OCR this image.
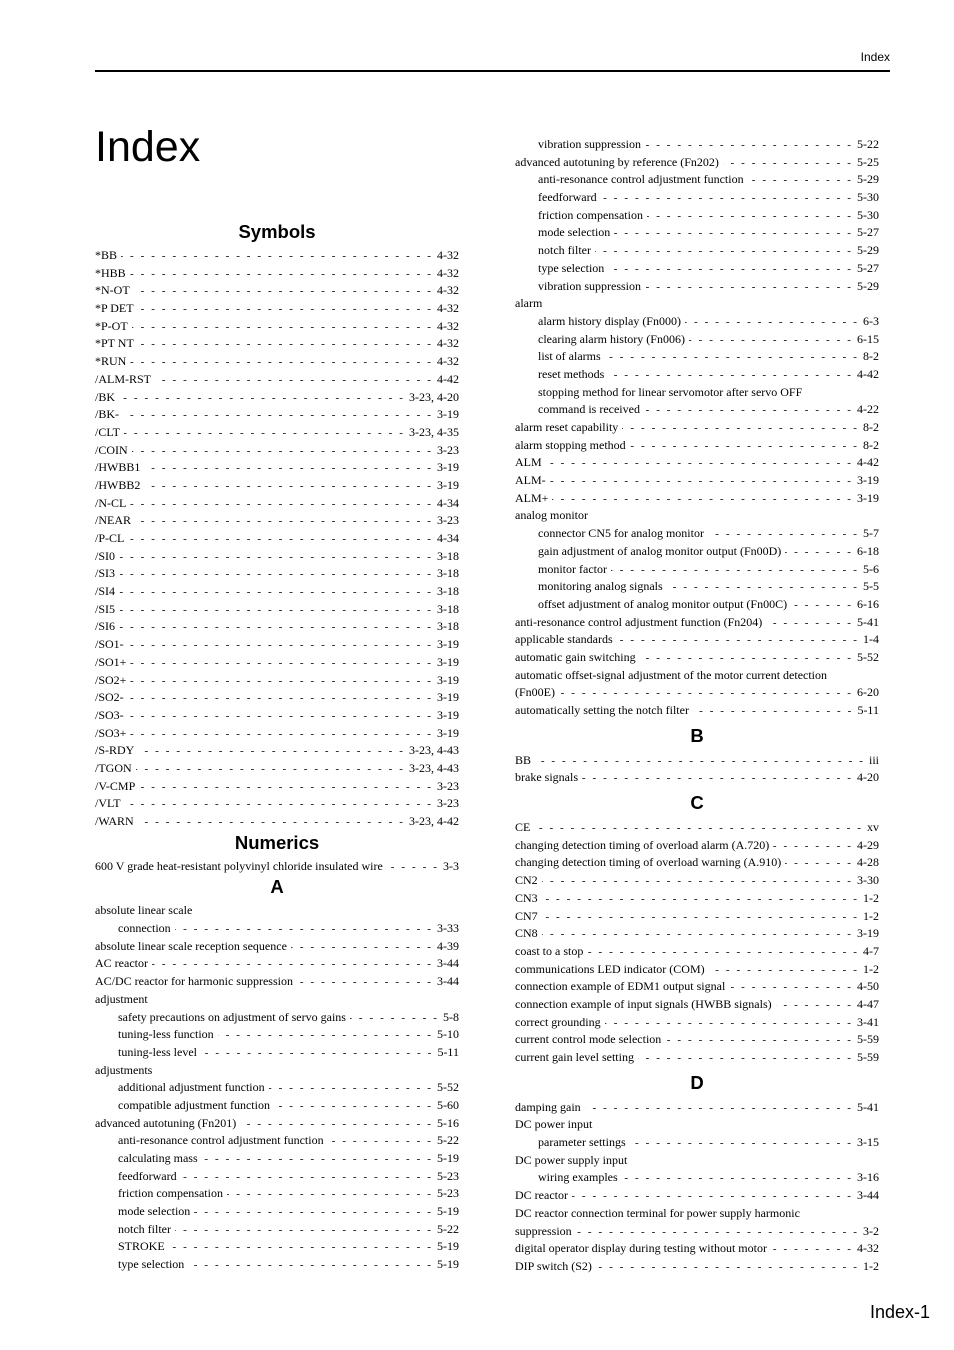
Index
Index
Symbols
*BB - - -	4-32
*HBB - - -	4-32
*N-OT - - -	4-32
*P DET - - -	4-32
*P-OT - - -	4-32
*PT NT - - -	4-32
*RUN - - -	4-32
/ALM-RST - - -	4-42
/BK - - -	3-23, 4-20
/BK- - - -	3-19
/CLT - - -	3-23, 4-35
/COIN - - -	3-23
/HWBB1 - - -	3-19
/HWBB2 - - -	3-19
/N-CL - - -	4-34
/NEAR - - -	3-23
/P-CL - - -	4-34
/SI0 - - -	3-18
/SI3 - - -	3-18
/SI4 - - -	3-18
/SI5 - - -	3-18
/SI6 - - -	3-18
/SO1- - - -	3-19
/SO1+ - - -	3-19
/SO2+ - - -	3-19
/SO2- - - -	3-19
/SO3- - - -	3-19
/SO3+ - - -	3-19
/S-RDY - - -	3-23, 4-43
/TGON - - -	3-23, 4-43
/V-CMP - - -	3-23
/VLT - - -	3-23
/WARN - - -	3-23, 4-42
Numerics
600 V grade heat-resistant polyvinyl chloride insulated wire - - -	3-3
A
absolute linear scale
connection - - -	3-33
absolute linear scale reception sequence - - -	4-39
AC reactor - - -	3-44
AC/DC reactor for harmonic suppression - - -	3-44
adjustment
safety precautions on adjustment of servo gains - - -	5-8
tuning-less function - - -	5-10
tuning-less level - - -	5-11
adjustments
additional adjustment function - - -	5-52
compatible adjustment function - - -	5-60
advanced autotuning (Fn201) - - -	5-16
anti-resonance control adjustment function - - -	5-22
calculating mass - - -	5-19
feedforward - - -	5-23
friction compensation - - -	5-23
mode selection - - -	5-19
notch filter - - -	5-22
STROKE - - -	5-19
type selection - - -	5-19
vibration suppression - - -	5-22
advanced autotuning by reference (Fn202) - - -	5-25
anti-resonance control adjustment function - - -	5-29
feedforward - - -	5-30
friction compensation - - -	5-30
mode selection - - -	5-27
notch filter - - -	5-29
type selection - - -	5-27
vibration suppression - - -	5-29
alarm
alarm history display (Fn000) - - -	6-3
clearing alarm history (Fn006) - - -	6-15
list of alarms - - -	8-2
reset methods - - -	4-42
stopping method for linear servomotor after servo OFF
command is received - - -	4-22
alarm reset capability - - -	8-2
alarm stopping method - - -	8-2
ALM - - -	4-42
ALM- - - -	3-19
ALM+ - - -	3-19
analog monitor
connector CN5 for analog monitor - - -	5-7
gain adjustment of analog monitor output (Fn00D) - - -	6-18
monitor factor - - -	5-6
monitoring analog signals - - -	5-5
offset adjustment of analog monitor output (Fn00C) - - -	6-16
anti-resonance control adjustment function (Fn204) - - -	5-41
applicable standards - - -	1-4
automatic gain switching - - -	5-52
automatic offset-signal adjustment of the motor current detection
(Fn00E) - - -	6-20
automatically setting the notch filter - - -	5-11
B
BB - - -	iii
brake signals - - -	4-20
C
CE - - -	xv
changing detection timing of overload alarm (A.720) - - -	4-29
changing detection timing of overload warning (A.910) - - -	4-28
CN2 - - -	3-30
CN3 - - -	1-2
CN7 - - -	1-2
CN8 - - -	3-19
coast to a stop - - -	4-7
communications LED indicator (COM) - - -	1-2
connection example of EDM1 output signal - - -	4-50
connection example of input signals (HWBB signals) - - -	4-47
correct grounding - - -	3-41
current control mode selection - - -	5-59
current gain level setting - - -	5-59
D
damping gain - - -	5-41
DC power input
parameter settings - - -	3-15
DC power supply input
wiring examples - - -	3-16
DC reactor - - -	3-44
DC reactor connection terminal for power supply harmonic
suppression - - -	3-2
digital operator display during testing without motor - - -	4-32
DIP switch (S2) - - -	1-2
Index-1
